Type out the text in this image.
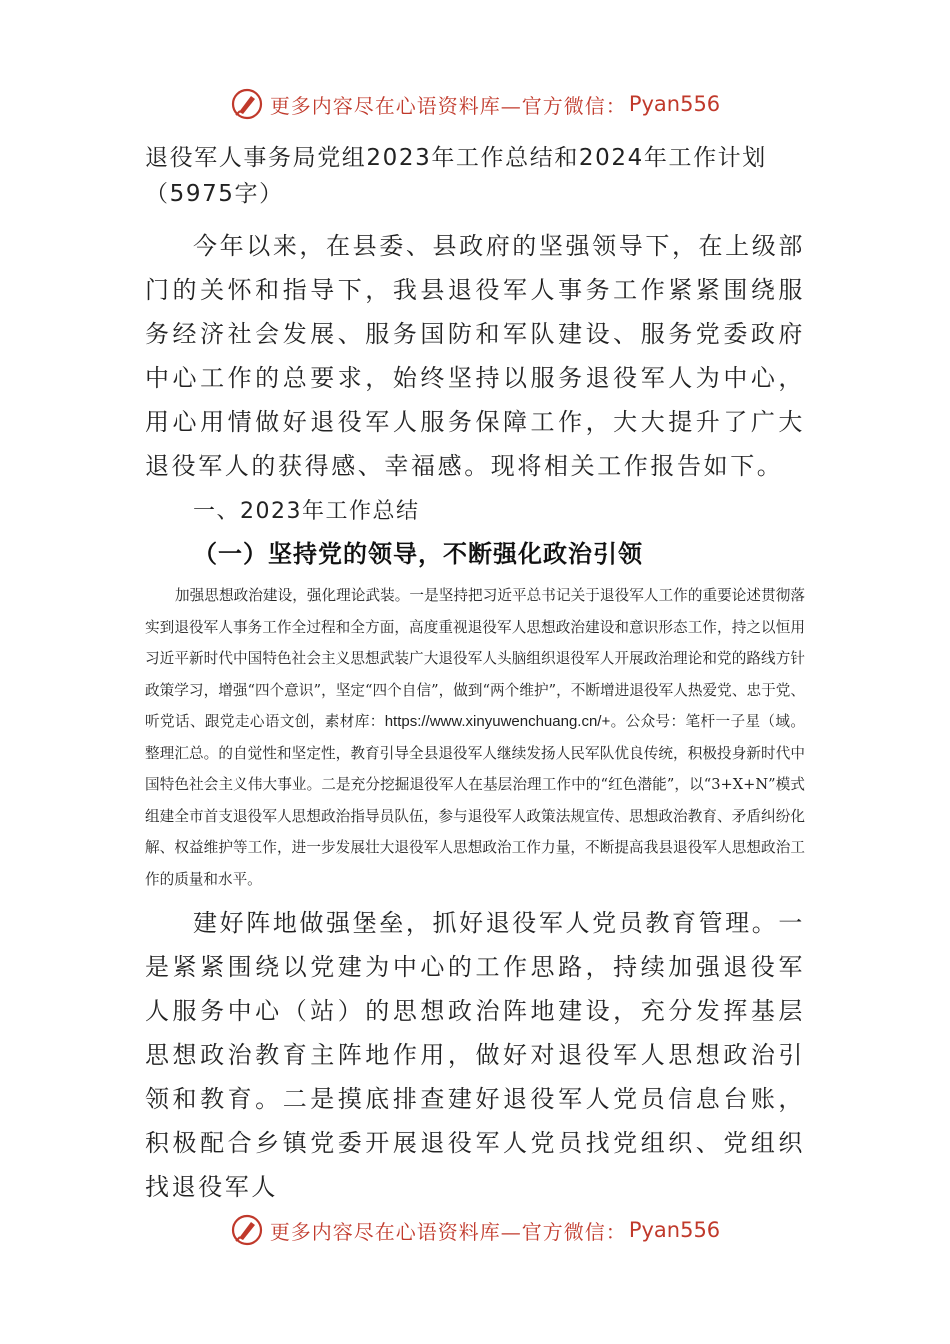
更多内容尽在心语资料库—官方微信： Pyan556

退役军人事务局党组2023年工作总结和2024年工作计划（5975字）

今年以来，在县委、县政府的坚强领导下，在上级部门的关怀和指导下，我县退役军人事务工作紧紧围绕服务经济社会发展、服务国防和军队建设、服务党委政府中心工作的总要求，始终坚持以服务退役军人为中心，用心用情做好退役军人服务保障工作，大大提升了广大退役军人的获得感、幸福感。现将相关工作报告如下。

一、2023年工作总结

（一）坚持党的领导，不断强化政治引领

加强思想政治建设，强化理论武装。一是坚持把习近平总书记关于退役军人工作的重要论述贯彻落实到退役军人事务工作全过程和全方面，高度重视退役军人思想政治建设和意识形态工作，持之以恒用习近平新时代中国特色社会主义思想武装广大退役军人头脑组织退役军人开展政治理论和党的路线方针政策学习，增强“四个意识”，坚定“四个自信”，做到“两个维护”，不断增进退役军人热爱党、忠于党、听党话、跟党走心语文创，素材库：https://www.xinyuwenchuang.cn/+。公众号：笔杆一子星（域。整理汇总。的自觉性和坚定性，教育引导全县退役军人继续发扬人民军队优良传统，积极投身新时代中国特色社会主义伟大事业。二是充分挖掘退役军人在基层治理工作中的“红色潜能”，以“3+X+N”模式组建全市首支退役军人思想政治指导员队伍，参与退役军人政策法规宣传、思想政治教育、矛盾纠纷化解、权益维护等工作，进一步发展壮大退役军人思想政治工作力量，不断提高我县退役军人思想政治工作的质量和水平。

建好阵地做强堡垒，抓好退役军人党员教育管理。一是紧紧围绕以党建为中心的工作思路，持续加强退役军人服务中心（站）的思想政治阵地建设，充分发挥基层思想政治教育主阵地作用，做好对退役军人思想政治引领和教育。二是摸底排查建好退役军人党员信息台账，积极配合乡镇党委开展退役军人党员找党组织、党组织找退役军人

更多内容尽在心语资料库—官方微信： Pyan556
